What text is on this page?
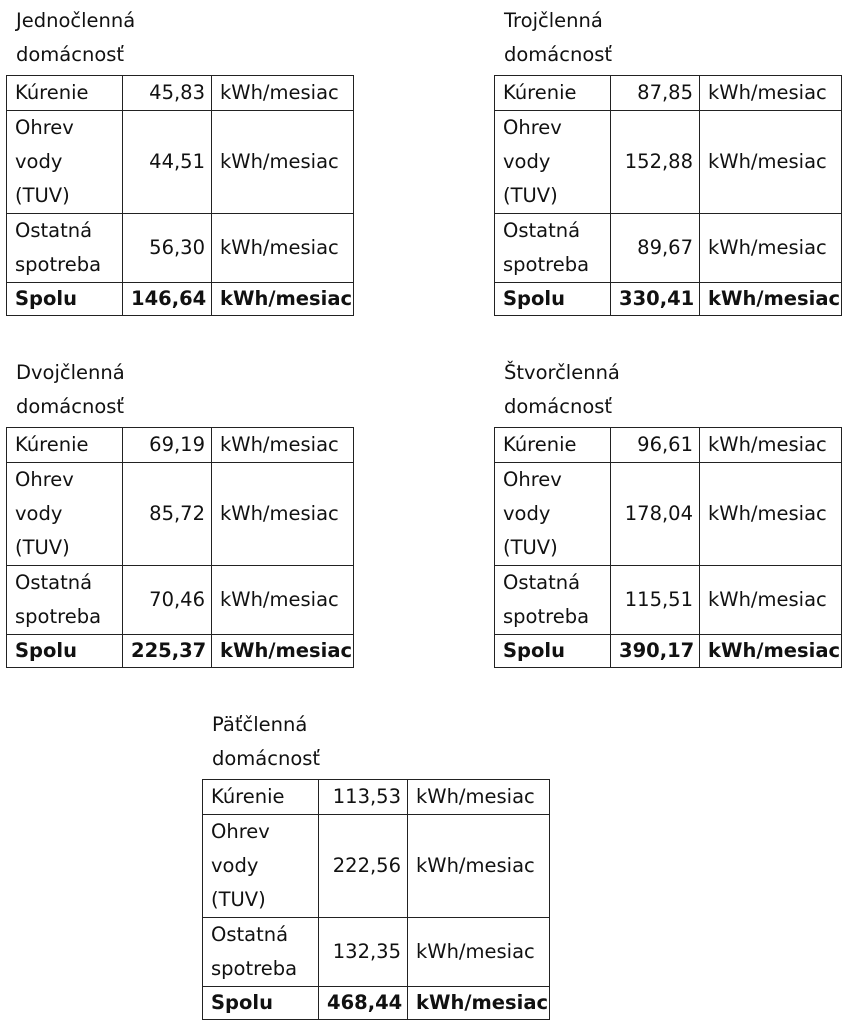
Jednočlenná
domácnosť
Kúrenie	45,83	kWh/mesiac
Ohrev vody (TUV)	44,51	kWh/mesiac
Ostatná spotreba	56,30	kWh/mesiac
Spolu	146,64	kWh/mesiac
Trojčlenná
domácnosť
Kúrenie	87,85	kWh/mesiac
Ohrev vody (TUV)	152,88	kWh/mesiac
Ostatná spotreba	89,67	kWh/mesiac
Spolu	330,41	kWh/mesiac
Dvojčlenná
domácnosť
Kúrenie	69,19	kWh/mesiac
Ohrev vody (TUV)	85,72	kWh/mesiac
Ostatná spotreba	70,46	kWh/mesiac
Spolu	225,37	kWh/mesiac
Štvorčlenná
domácnosť
Kúrenie	96,61	kWh/mesiac
Ohrev vody (TUV)	178,04	kWh/mesiac
Ostatná spotreba	115,51	kWh/mesiac
Spolu	390,17	kWh/mesiac
Päťčlenná
domácnosť
Kúrenie	113,53	kWh/mesiac
Ohrev vody (TUV)	222,56	kWh/mesiac
Ostatná spotreba	132,35	kWh/mesiac
Spolu	468,44	kWh/mesiac
